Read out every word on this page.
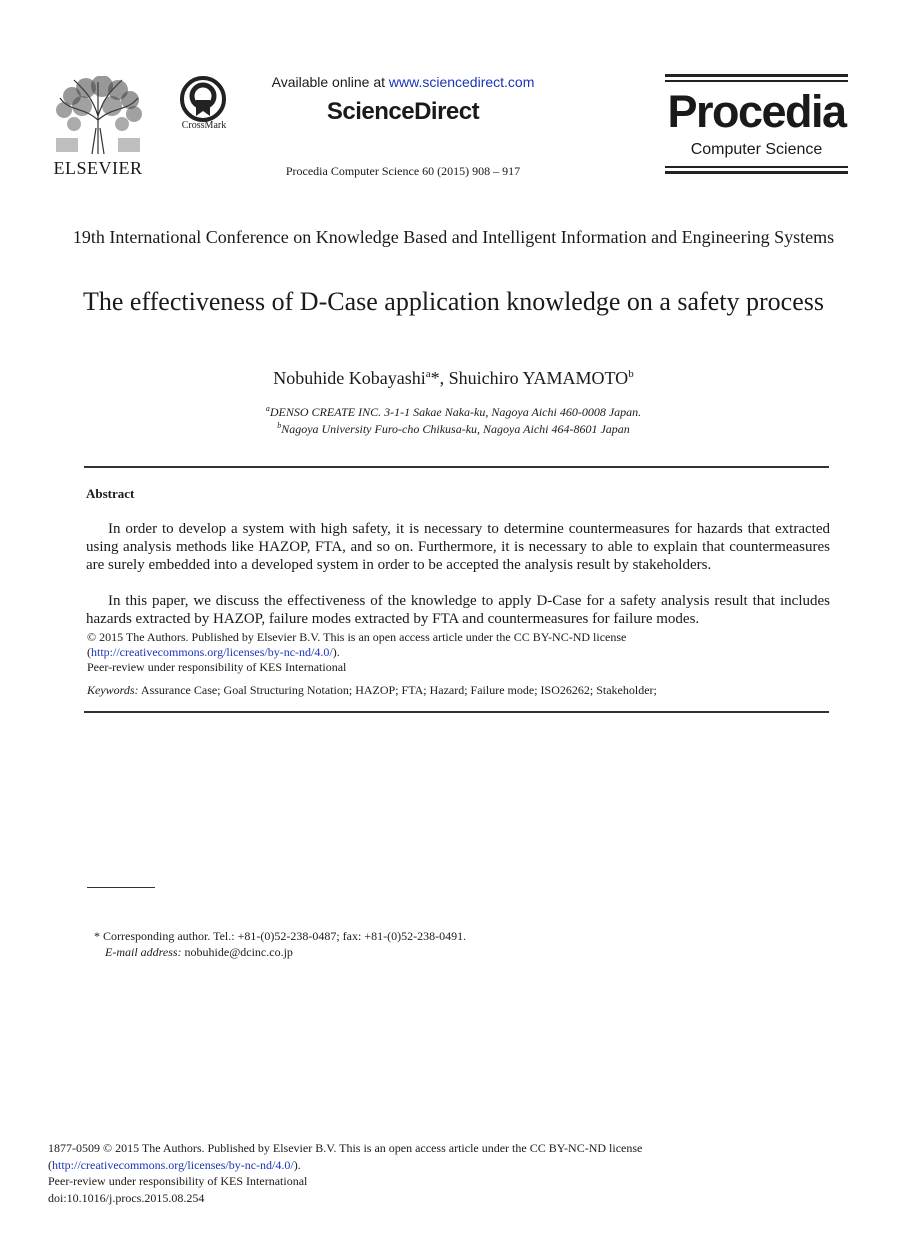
ELSEVIER
CrossMark
Available online at www.sciencedirect.com
ScienceDirect
Procedia Computer Science 60 (2015) 908 – 917
Procedia
Computer Science
19th International Conference on Knowledge Based and Intelligent Information and Engineering Systems
The effectiveness of D-Case application knowledge on a safety process
Nobuhide Kobayashi$^a$*, Shuichiro YAMAMOTO$^b$
$^a$DENSO CREATE INC. 3-1-1 Sakae Naka-ku, Nagoya Aichi 460-0008 Japan.
$^b$Nagoya University Furo-cho Chikusa-ku, Nagoya Aichi 464-8601 Japan
Abstract
In order to develop a system with high safety, it is necessary to determine countermeasures for hazards that extracted using analysis methods like HAZOP, FTA, and so on. Furthermore, it is necessary to able to explain that countermeasures are surely embedded into a developed system in order to be accepted the analysis result by stakeholders.
In this paper, we discuss the effectiveness of the knowledge to apply D-Case for a safety analysis result that includes hazards extracted by HAZOP, failure modes extracted by FTA and countermeasures for failure modes.
© 2015 The Authors. Published by Elsevier B.V. This is an open access article under the CC BY-NC-ND license
(http://creativecommons.org/licenses/by-nc-nd/4.0/).
Peer-review under responsibility of KES International
Keywords: Assurance Case; Goal Structuring Notation; HAZOP; FTA; Hazard; Failure mode; ISO26262; Stakeholder;
* Corresponding author. Tel.: +81-(0)52-238-0487; fax: +81-(0)52-238-0491.
E-mail address: nobuhide@dcinc.co.jp
1877-0509 © 2015 The Authors. Published by Elsevier B.V. This is an open access article under the CC BY-NC-ND license
(http://creativecommons.org/licenses/by-nc-nd/4.0/).
Peer-review under responsibility of KES International
doi:10.1016/j.procs.2015.08.254
